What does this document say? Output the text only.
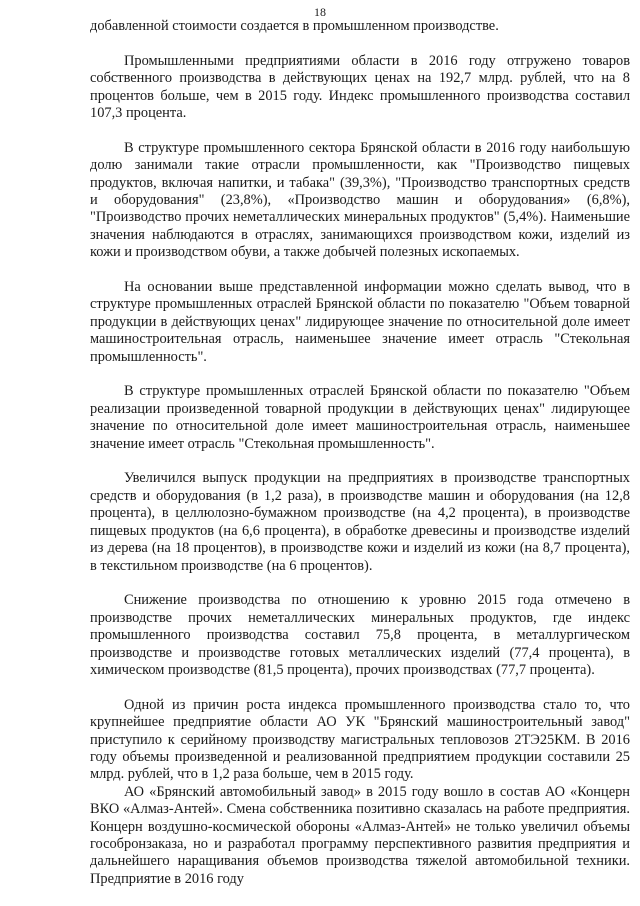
18

добавленной стоимости создается в промышленном производстве.

Промышленными предприятиями области в 2016 году отгружено товаров собственного производства в действующих ценах на 192,7 млрд. рублей, что на 8 процентов больше, чем в 2015 году. Индекс промышленного производства составил 107,3 процента.

В структуре промышленного сектора Брянской области в 2016 году наибольшую долю занимали такие отрасли промышленности, как "Производство пищевых продуктов, включая напитки, и табака" (39,3%), "Производство транспортных средств и оборудования" (23,8%), «Производство машин и оборудования» (6,8%), "Производство прочих неметаллических минеральных продуктов" (5,4%). Наименьшие значения наблюдаются в отраслях, занимающихся производством кожи, изделий из кожи и производством обуви, а также добычей полезных ископаемых.

На основании выше представленной информации можно сделать вывод, что в структуре промышленных отраслей Брянской области по показателю "Объем товарной продукции в действующих ценах" лидирующее значение по относительной доле имеет машиностроительная отрасль, наименьшее значение имеет отрасль "Стекольная промышленность".

В структуре промышленных отраслей Брянской области по показателю "Объем реализации произведенной товарной продукции в действующих ценах" лидирующее значение по относительной доле имеет машиностроительная отрасль, наименьшее значение имеет отрасль "Стекольная промышленность".

Увеличился выпуск продукции на предприятиях в производстве транспортных средств и оборудования (в 1,2 раза), в производстве машин и оборудования (на 12,8 процента), в целлюлозно-бумажном производстве (на 4,2 процента), в производстве пищевых продуктов (на 6,6 процента), в обработке древесины и производстве изделий из дерева (на 18 процентов), в производстве кожи и изделий из кожи (на 8,7 процента), в текстильном производстве (на 6 процентов).

Снижение производства по отношению к уровню 2015 года отмечено в производстве прочих неметаллических минеральных продуктов, где индекс промышленного производства составил 75,8 процента, в металлургическом производстве и производстве готовых металлических изделий (77,4 процента), в химическом производстве (81,5 процента), прочих производствах (77,7 процента).

Одной из причин роста индекса промышленного производства стало то, что крупнейшее предприятие области АО УК "Брянский машиностроительный завод" приступило к серийному производству магистральных тепловозов 2ТЭ25КМ. В 2016 году объемы произведенной и реализованной предприятием продукции составили 25 млрд. рублей, что в 1,2 раза больше, чем в 2015 году.

АО «Брянский автомобильный завод» в 2015 году вошло в состав АО «Концерн ВКО «Алмаз-Антей». Смена собственника позитивно сказалась на работе предприятия. Концерн воздушно-космической обороны «Алмаз-Антей» не только увеличил объемы гособронзаказа, но и разработал программу перспективного развития предприятия и дальнейшего наращивания объемов производства тяжелой автомобильной техники. Предприятие в 2016 году
